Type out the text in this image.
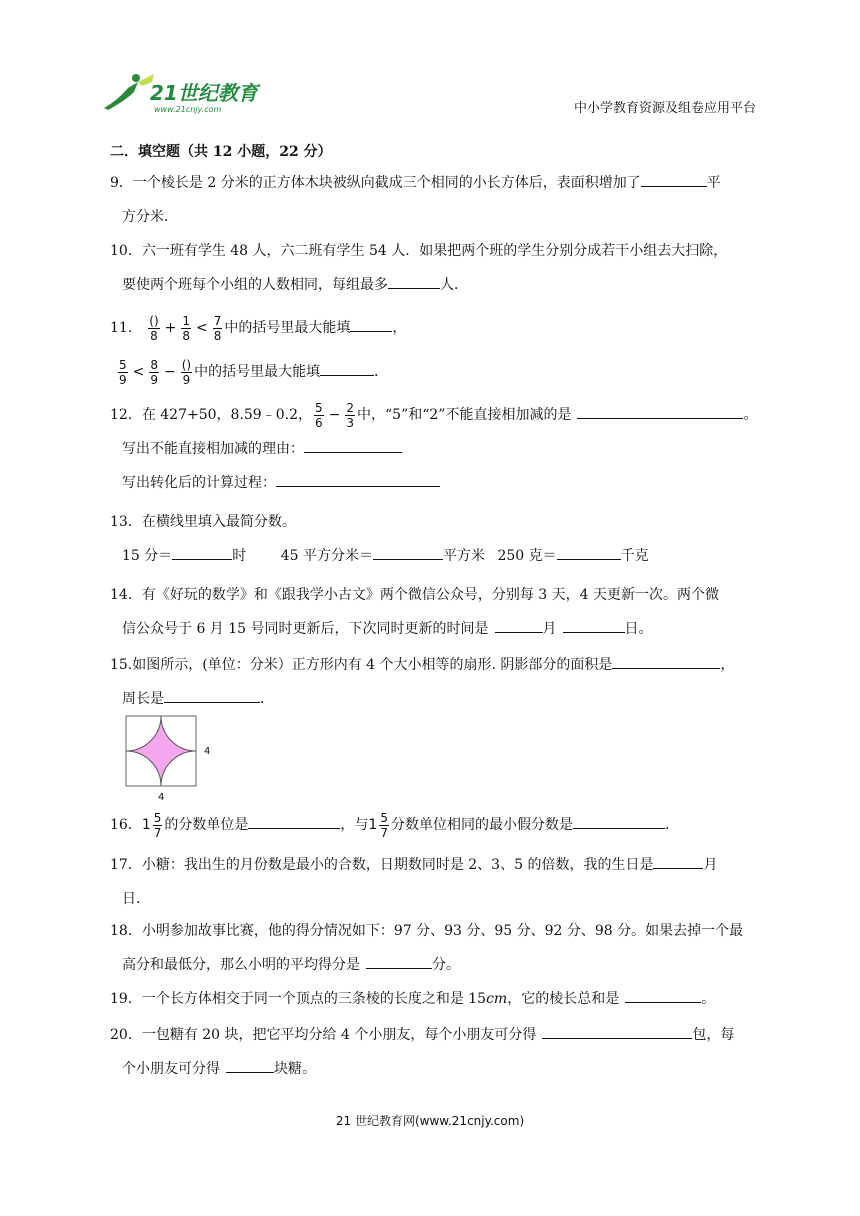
21世纪教育
www.21cnjy.com	中小学教育资源及组卷应用平台
二．填空题（共 12 小题，22 分）
9．一个棱长是 2 分米的正方体木块被纵向截成三个相同的小长方体后，表面积增加了	平
方分米．
10．六一班有学生 48 人，六二班有学生 54 人．如果把两个班的学生分别分成若干小组去大扫除，
要使两个班每个小组的人数相同，每组最多	人．
11． $\frac{()}{8} + \frac{1}{8} < \frac{7}{8}$ 中的括号里最大能填	，

$\frac{5}{9} < \frac{8}{9} - \frac{()}{9}$ 中的括号里最大能填	．
12．在 427+50，8.59﹣0.2， $\frac{5}{6} - \frac{2}{3}$ 中，“5”和“2”不能直接相加减的是	。
写出不能直接相加减的理由：
写出转化后的计算过程：
13．在横线里填入最简分数。
15 分＝	时 45 平方分米＝	平方米 250 克＝	千克
14．有《好玩的数学》和《跟我学小古文》两个微信公众号，分别每 3 天，4 天更新一次。两个微
信公众号于 6 月 15 号同时更新后，下次同时更新的时间是	月	日。
15.如图所示，(单位：分米）正方形内有 4 个大小相等的扇形. 阴影部分的面积是	，
周长是	.
4
4
16．$1 \frac{5}{7}$ 的分数单位是	，与$1 \frac{5}{7}$ 分数单位相同的最小假分数是	.
17．小糖：我出生的月份数是最小的合数，日期数同时是 2、3、5 的倍数，我的生日是	月
日.
18．小明参加故事比赛，他的得分情况如下：97 分、93 分、95 分、92 分、98 分。如果去掉一个最
高分和最低分，那么小明的平均得分是	分。
19．一个长方体相交于同一个顶点的三条棱的长度之和是 15cm，它的棱长总和是	。
20．一包糖有 20 块，把它平均分给 4 个小朋友，每个小朋友可分得	包，每
个小朋友可分得	块糖。
21 世纪教育网(www.21cnjy.com)
